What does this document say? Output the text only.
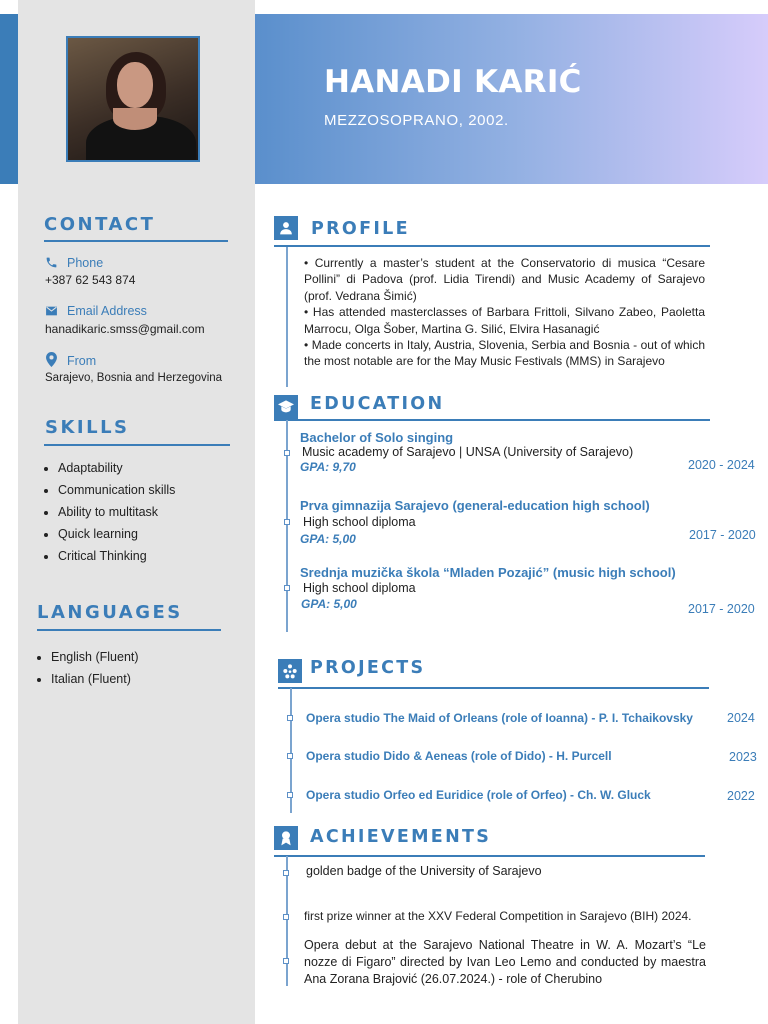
HANADI KARIĆ
MEZZOSOPRANO, 2002.
CONTACT
Phone
+387 62 543 874
Email Address
hanadikaric.smss@gmail.com
From
Sarajevo, Bosnia and Herzegovina
SKILLS
• Adaptability
• Communication skills
• Ability to multitask
• Quick learning
• Critical Thinking
LANGUAGES
• English (Fluent)
• Italian (Fluent)
PROFILE
• Currently a master’s student at the Conservatorio di musica “Cesare Pollini” di Padova (prof. Lidia Tirendi) and Music Academy of Sarajevo (prof. Vedrana Šimić)
• Has attended masterclasses of Barbara Frittoli, Silvano Zabeo, Paoletta Marrocu, Olga Šober, Martina G. Silić, Elvira Hasanagić
• Made concerts in Italy, Austria, Slovenia, Serbia and Bosnia - out of which the most notable are for the May Music Festivals (MMS) in Sarajevo
EDUCATION
Bachelor of Solo singing
Music academy of Sarajevo | UNSA (University of Sarajevo)
GPA: 9,70	2020 - 2024
Prva gimnazija Sarajevo (general-education high school)
High school diploma
GPA: 5,00	2017 - 2020
Srednja muzička škola “Mladen Pozajić” (music high school)
High school diploma
GPA: 5,00	2017 - 2020
PROJECTS
Opera studio The Maid of Orleans (role of Ioanna) - P. I. Tchaikovsky	2024
Opera studio Dido & Aeneas (role of Dido) - H. Purcell	2023
Opera studio Orfeo ed Euridice (role of Orfeo) - Ch. W. Gluck	2022
ACHIEVEMENTS
golden badge of the University of Sarajevo
first prize winner at the XXV Federal Competition in Sarajevo (BIH) 2024.
Opera debut at the Sarajevo National Theatre in W. A. Mozart’s “Le nozze di Figaro” directed by Ivan Leo Lemo and conducted by maestra Ana Zorana Brajović (26.07.2024.) - role of Cherubino
